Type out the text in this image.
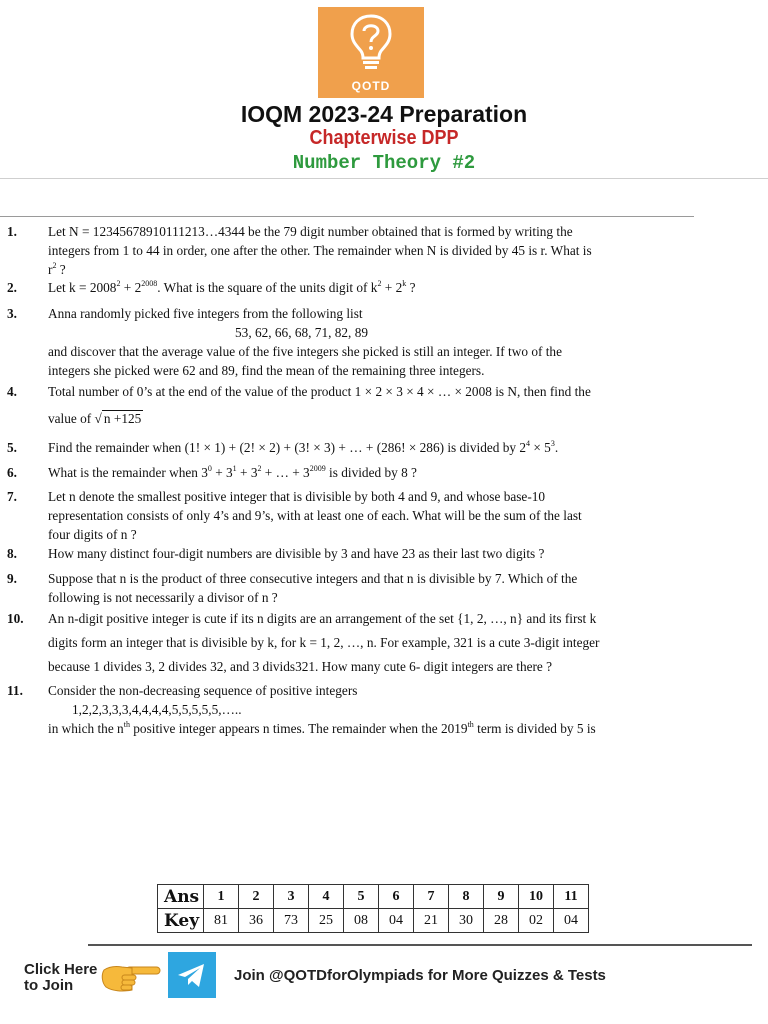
QOTD
IOQM 2023-24 Preparation
Chapterwise DPP
Number Theory #2
1. Let N = 12345678910111213…4344 be the 79 digit number obtained that is formed by writing the
integers from 1 to 44 in order, one after the other. The remainder when N is divided by 45 is r. What is
$r^2$ ?
2. Let $k = 2008^2 + 2^{2008}$. What is the square of the units digit of $k^2 + 2^k$ ?
3. Anna randomly picked five integers from the following list
53, 62, 66, 68, 71, 82, 89
and discover that the average value of the five integers she picked is still an integer. If two of the
integers she picked were 62 and 89, find the mean of the remaining three integers.
4. Total number of 0’s at the end of the value of the product 1 × 2 × 3 × 4 × … × 2008 is N, then find the
value of √ n +125
5. Find the remainder when (1! × 1) + (2! × 2) + (3! × 3) + … + (286! × 286) is divided by $2^4 \times 5^3$.
6. What is the remainder when $3^0 + 3^1 + 3^2$ + … + $3^{2009}$ is divided by 8 ?
7. Let n denote the smallest positive integer that is divisible by both 4 and 9, and whose base-10
representation consists of only 4’s and 9’s, with at least one of each. What will be the sum of the last
four digits of n ?
8. How many distinct four-digit numbers are divisible by 3 and have 23 as their last two digits ?
9. Suppose that n is the product of three consecutive integers and that n is divisible by 7. Which of the
following is not necessarily a divisor of n ?
10. An n-digit positive integer is cute if its n digits are an arrangement of the set {1, 2, …, n} and its first k
digits form an integer that is divisible by k, for k = 1, 2, …, n. For example, 321 is a cute 3-digit integer
because 1 divides 3, 2 divides 32, and 3 divids321. How many cute 6- digit integers are there ?
11. Consider the non-decreasing sequence of positive integers
1,2,2,3,3,3,4,4,4,4,5,5,5,5,5,…..
in which the $n^{th}$ positive integer appears n times. The remainder when the 2019th term is divided by 5 is
Ans	1	2	3	4	5	6	7	8	9	10	11
Key	81	36	73	25	08	04	21	30	28	02	04
Click Here
to Join
Join @QOTDforOlympiads for More Quizzes & Tests
